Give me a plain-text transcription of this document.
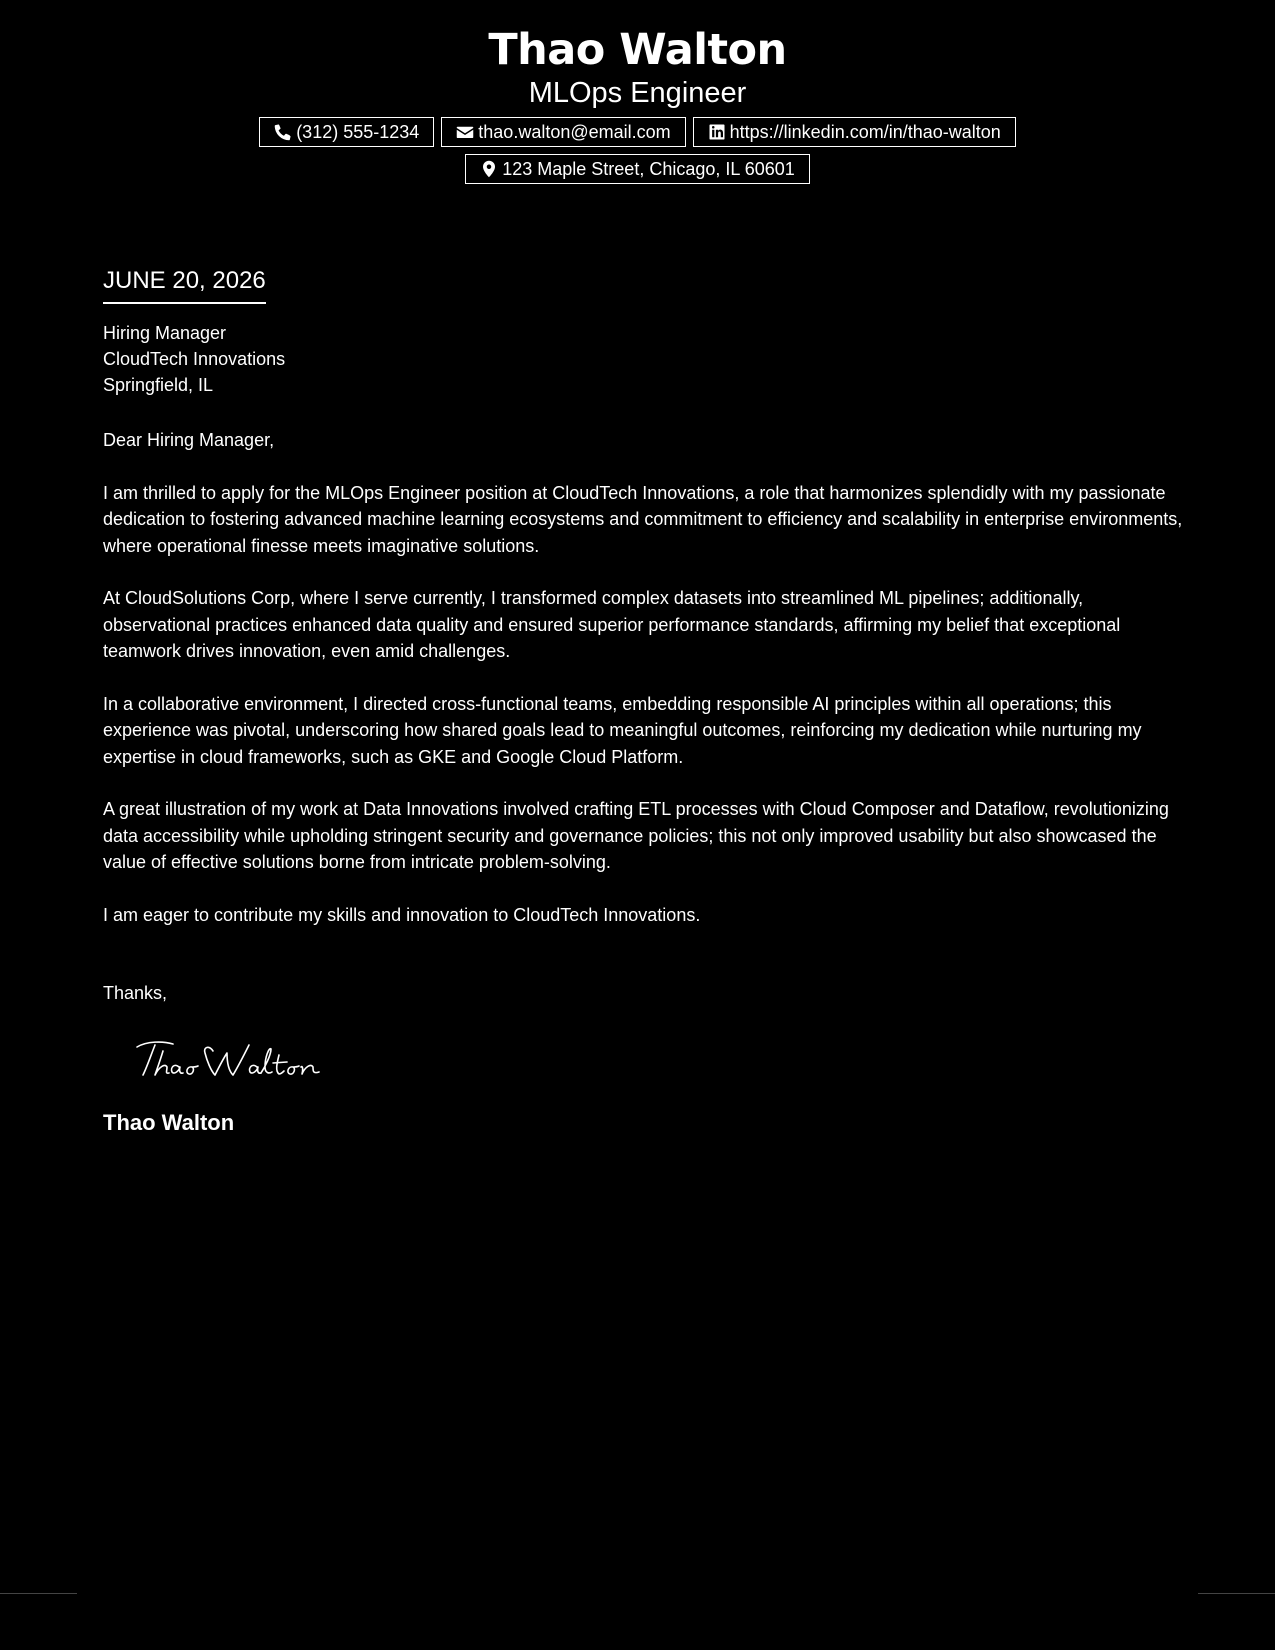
Thao Walton
MLOps Engineer
(312) 555-1234	thao.walton@email.com	https://linkedin.com/in/thao-walton
123 Maple Street, Chicago, IL 60601
JUNE 20, 2026
Hiring Manager
CloudTech Innovations
Springfield, IL
Dear Hiring Manager,

I am thrilled to apply for the MLOps Engineer position at CloudTech Innovations, a role that harmonizes splendidly with my passionate dedication to fostering advanced machine learning ecosystems and commitment to efficiency and scalability in enterprise environments, where operational finesse meets imaginative solutions.

At CloudSolutions Corp, where I serve currently, I transformed complex datasets into streamlined ML pipelines; additionally, observational practices enhanced data quality and ensured superior performance standards, affirming my belief that exceptional teamwork drives innovation, even amid challenges.

In a collaborative environment, I directed cross-functional teams, embedding responsible AI principles within all operations; this experience was pivotal, underscoring how shared goals lead to meaningful outcomes, reinforcing my dedication while nurturing my expertise in cloud frameworks, such as GKE and Google Cloud Platform.

A great illustration of my work at Data Innovations involved crafting ETL processes with Cloud Composer and Dataflow, revolutionizing data accessibility while upholding stringent security and governance policies; this not only improved usability but also showcased the value of effective solutions borne from intricate problem-solving.

I am eager to contribute my skills and innovation to CloudTech Innovations.

Thanks,
Thao Walton
